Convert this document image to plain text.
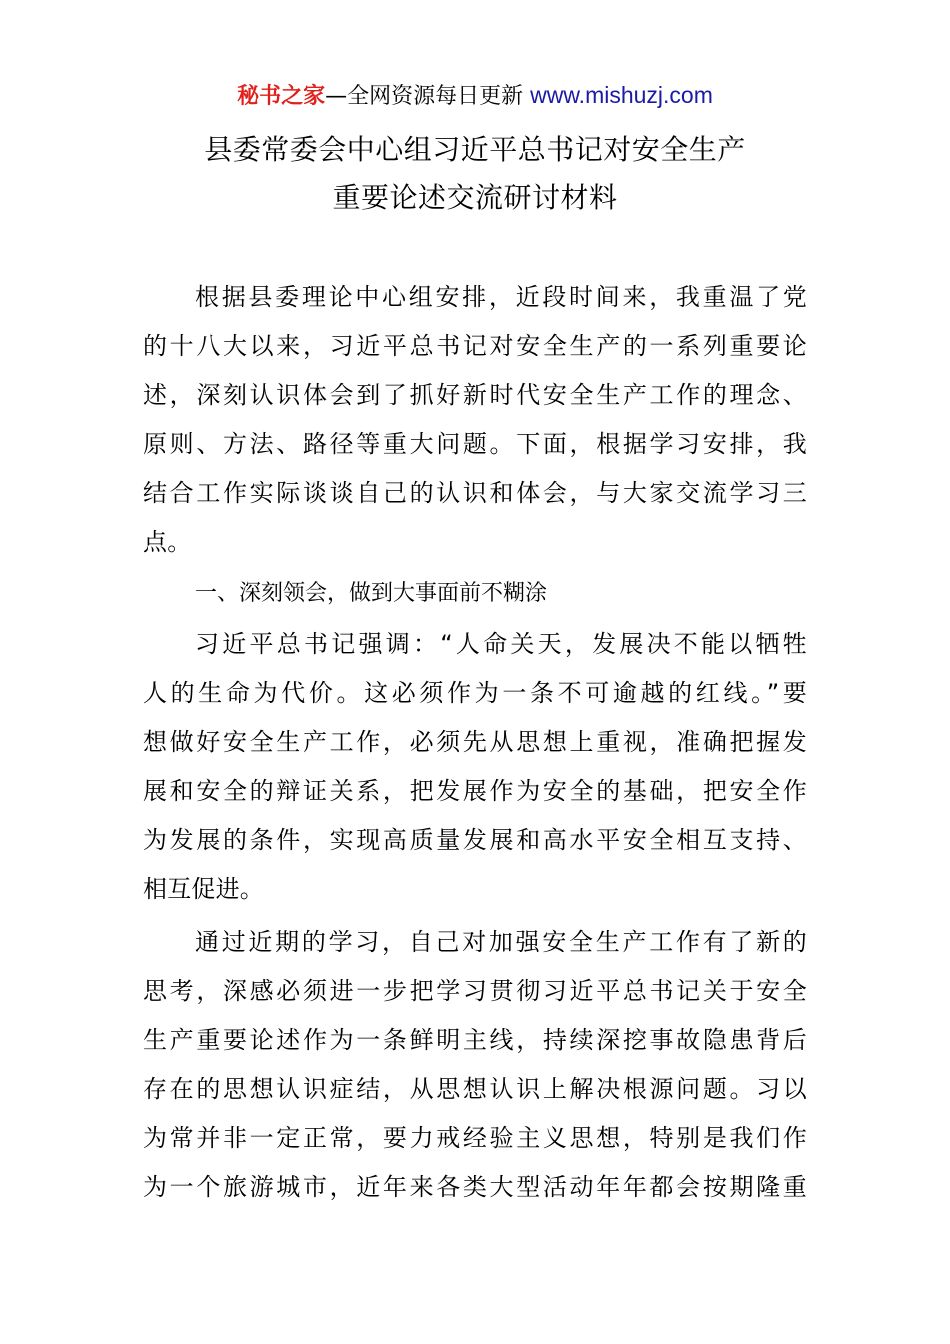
秘书之家—全网资源每日更新 www.mishuzj.com
县委常委会中心组习近平总书记对安全生产
重要论述交流研讨材料
根据县委理论中心组安排，近段时间来，我重温了党
的十八大以来，习近平总书记对安全生产的一系列重要论
述，深刻认识体会到了抓好新时代安全生产工作的理念、
原则、方法、路径等重大问题。下面，根据学习安排，我
结合工作实际谈谈自己的认识和体会，与大家交流学习三
点。
一、深刻领会，做到大事面前不糊涂
习近平总书记强调：“人命关天，发展决不能以牺牲
人的生命为代价。这必须作为一条不可逾越的红线。”要
想做好安全生产工作，必须先从思想上重视，准确把握发
展和安全的辩证关系，把发展作为安全的基础，把安全作
为发展的条件，实现高质量发展和高水平安全相互支持、
相互促进。
通过近期的学习，自己对加强安全生产工作有了新的
思考，深感必须进一步把学习贯彻习近平总书记关于安全
生产重要论述作为一条鲜明主线，持续深挖事故隐患背后
存在的思想认识症结，从思想认识上解决根源问题。习以
为常并非一定正常，要力戒经验主义思想，特别是我们作
为一个旅游城市，近年来各类大型活动年年都会按期隆重
